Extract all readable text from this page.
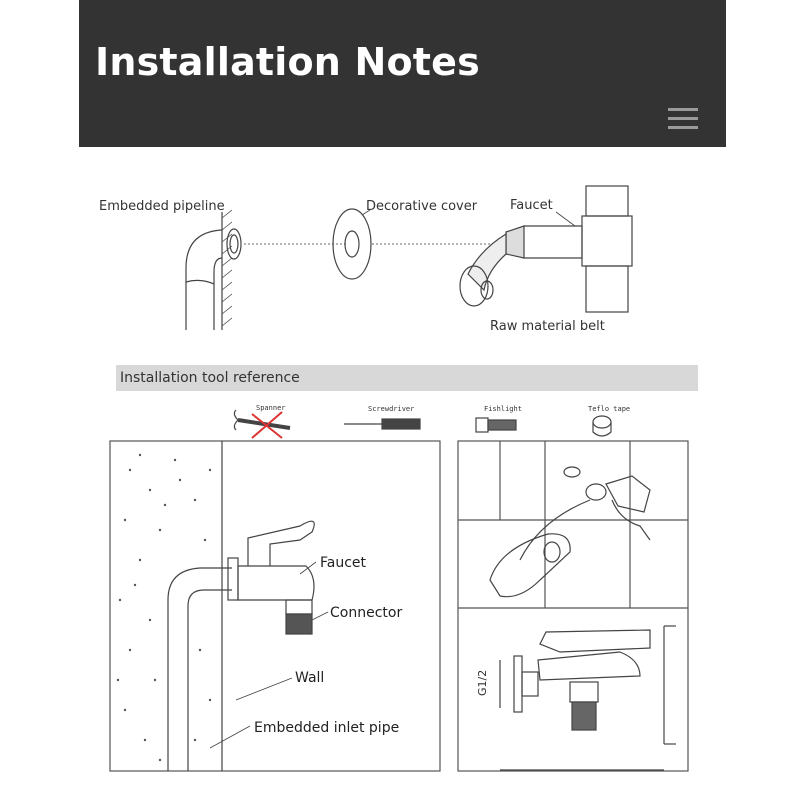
Installation Notes
Embedded pipeline	Decorative cover	Faucet
Raw material belt
Installation tool reference
Spanner	Screwdriver	Fishlight	Teflo tape
Faucet
Connector
Wall
Embedded inlet pipe
G1/2
